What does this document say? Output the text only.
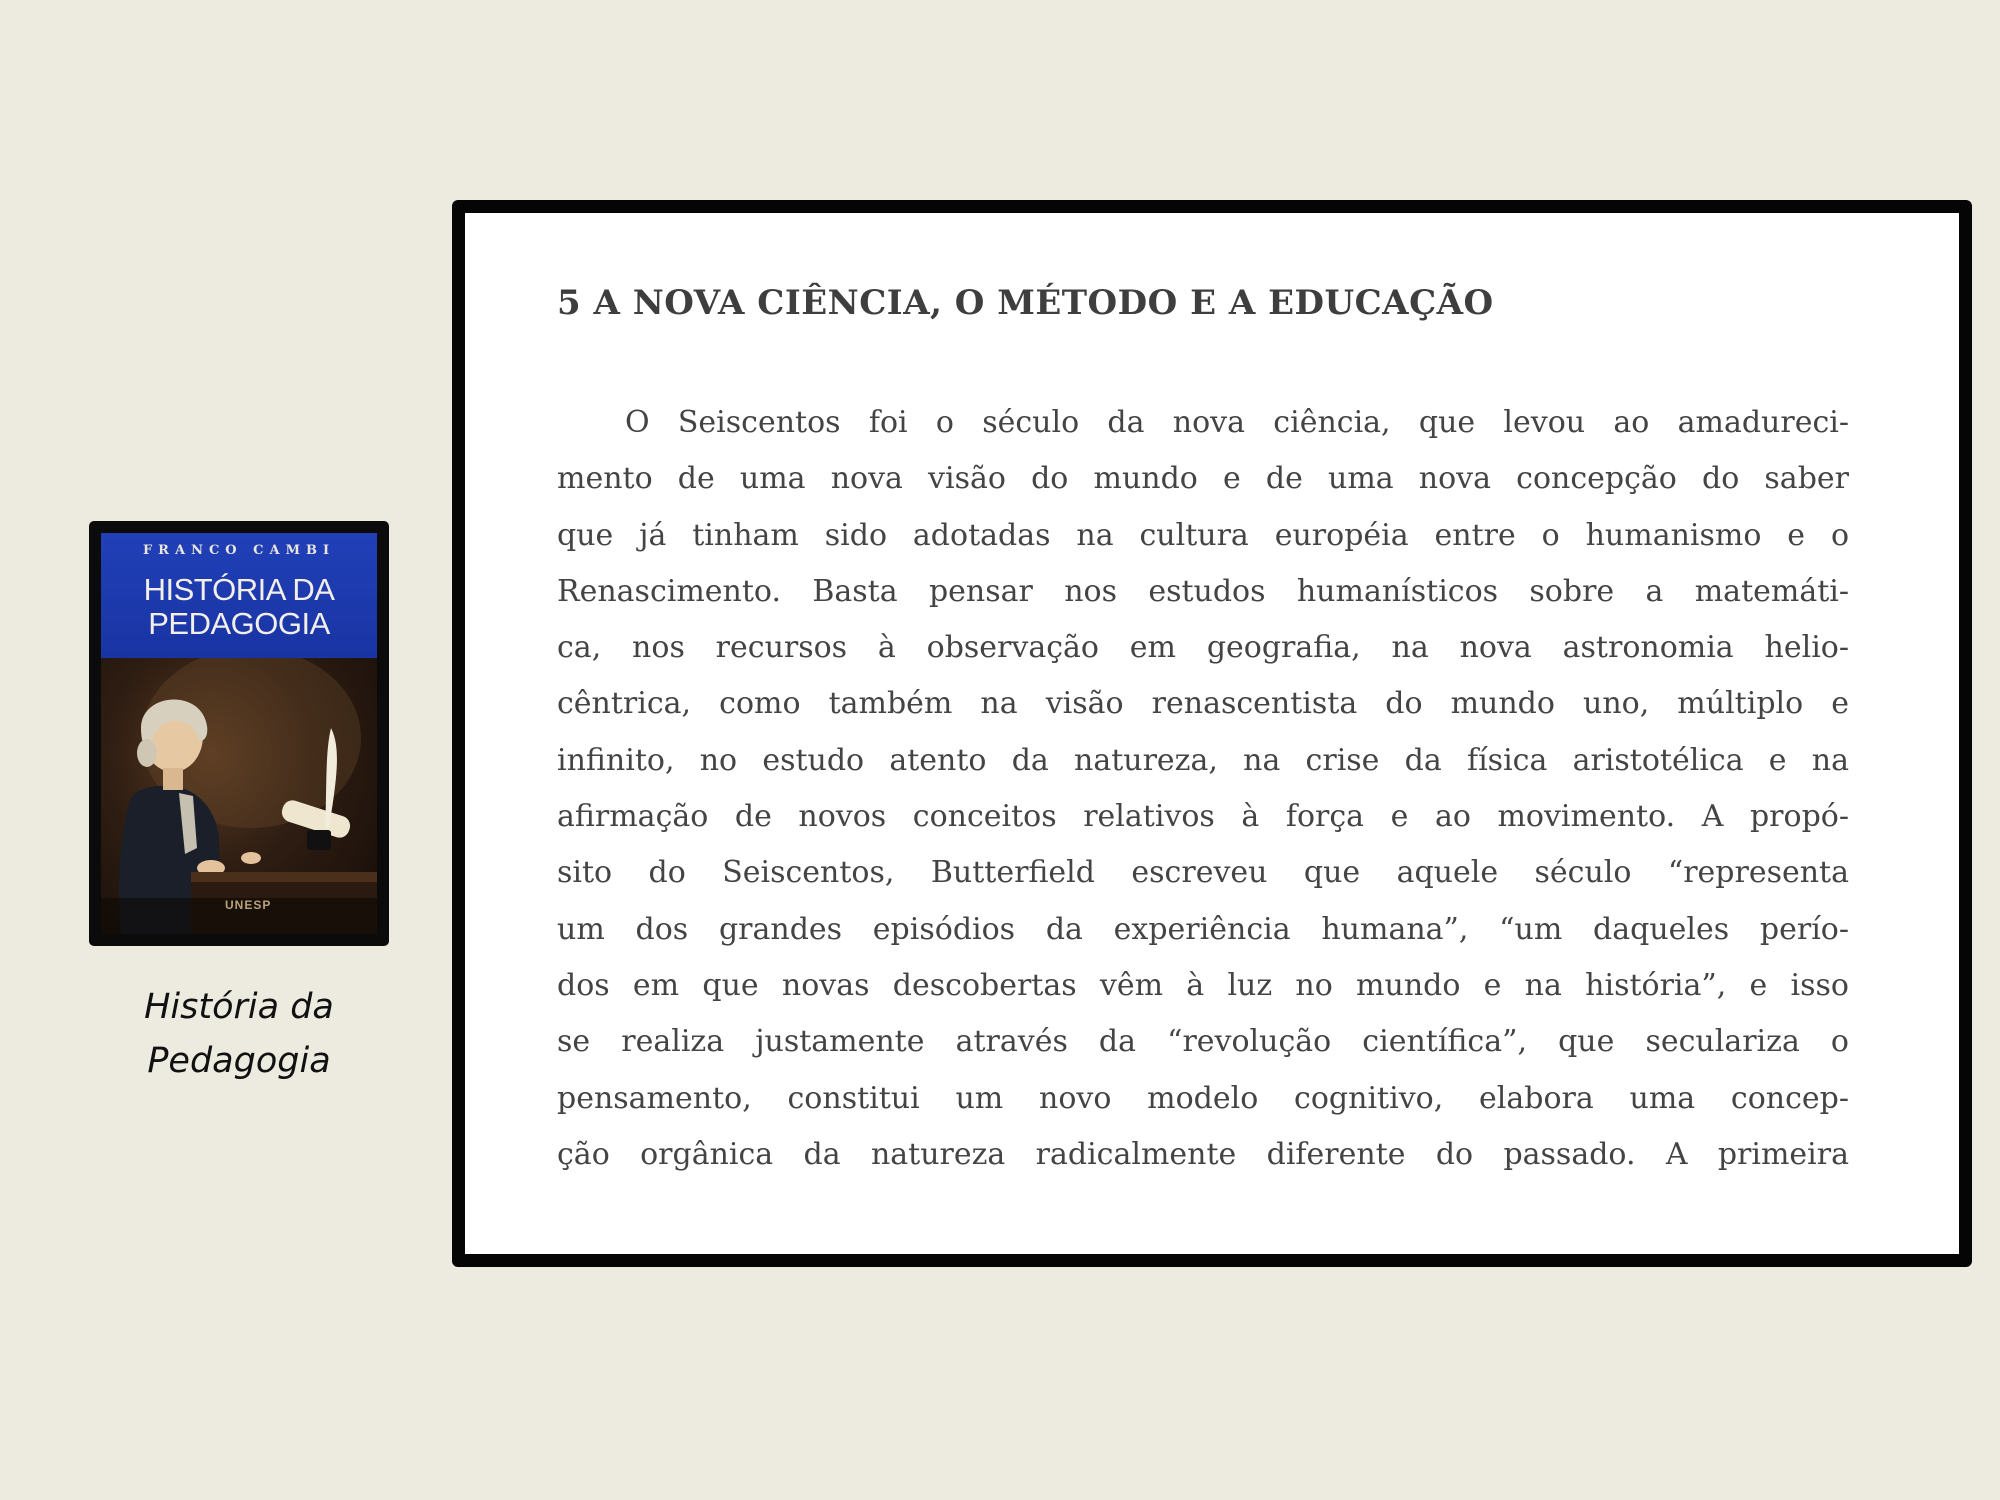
FRANCO CAMBI
HISTÓRIA DA
PEDAGOGIA
UNESP
História da
Pedagogia
5 A NOVA CIÊNCIA, O MÉTODO E A EDUCAÇÃO
O Seiscentos foi o século da nova ciência, que levou ao amadureci-
mento de uma nova visão do mundo e de uma nova concepção do saber
que já tinham sido adotadas na cultura européia entre o humanismo e o
Renascimento. Basta pensar nos estudos humanísticos sobre a matemáti-
ca, nos recursos à observação em geografia, na nova astronomia helio-
cêntrica, como também na visão renascentista do mundo uno, múltiplo e
infinito, no estudo atento da natureza, na crise da física aristotélica e na
afirmação de novos conceitos relativos à força e ao movimento. A propó-
sito do Seiscentos, Butterfield escreveu que aquele século “representa
um dos grandes episódios da experiência humana”, “um daqueles perío-
dos em que novas descobertas vêm à luz no mundo e na história”, e isso
se realiza justamente através da “revolução científica”, que seculariza o
pensamento, constitui um novo modelo cognitivo, elabora uma concep-
ção orgânica da natureza radicalmente diferente do passado. A primeira
